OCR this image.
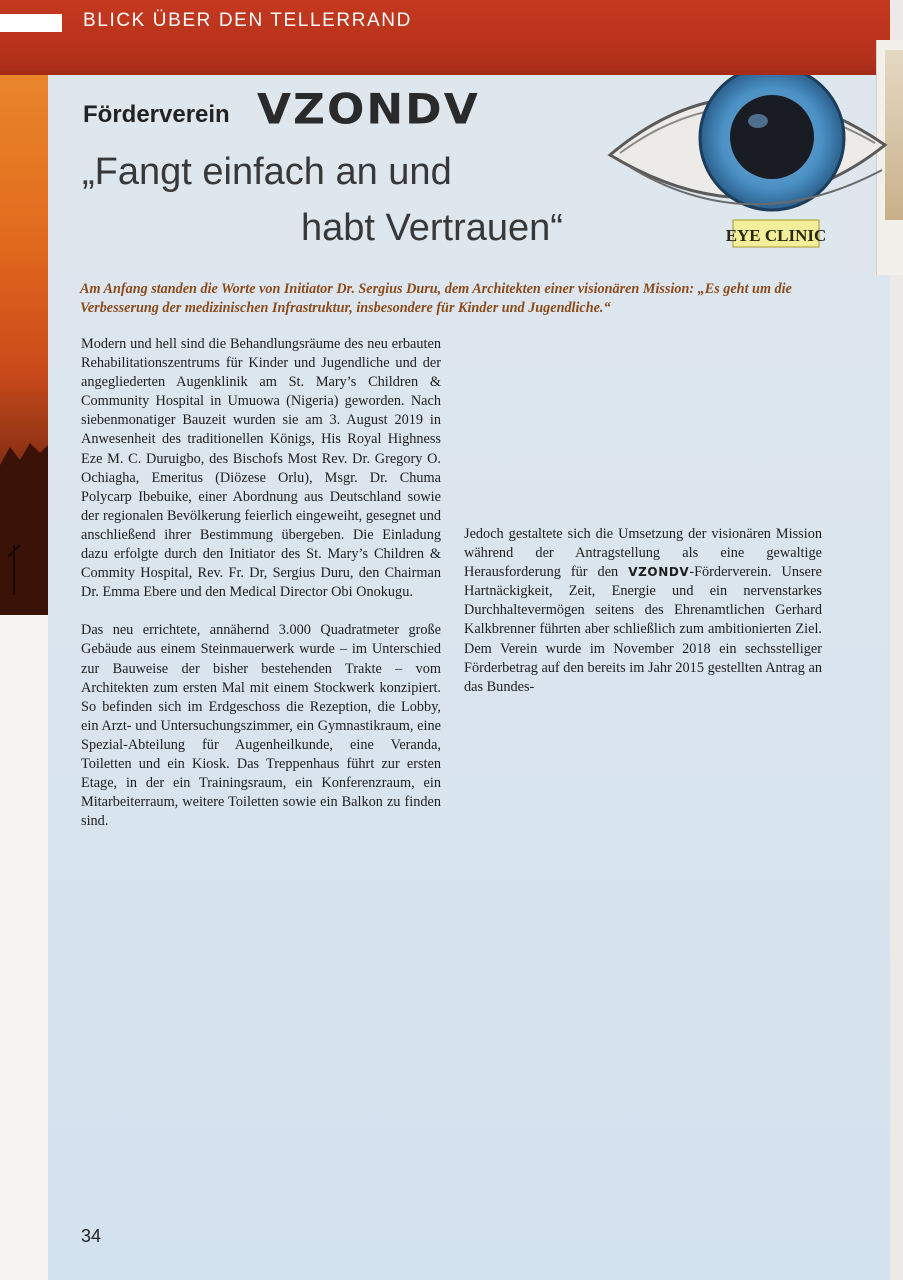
BLICK ÜBER DEN TELLERRAND
EYE CLINIC
Förderverein VZONDV
„Fangt einfach an und
habt Vertrauen“
Am Anfang standen die Worte von Initiator Dr. Sergius Duru, dem Architekten einer visionären Mission: „Es geht um die Verbesserung der medizinischen Infrastruktur, insbesondere für Kinder und Jugendliche.“

Modern und hell sind die Behandlungsräume des neu erbauten Rehabilitationszentrums für Kinder und Jugendliche und der angegliederten Augenklinik am St. Mary’s Children & Community Hospital in Umuowa (Nigeria) geworden. Nach siebenmonatiger Bauzeit wurden sie am 3. August 2019 in Anwesenheit des traditionellen Königs, His Royal Highness Eze M. C. Duruigbo, des Bischofs Most Rev. Dr. Gregory O. Ochiagha, Emeritus (Diözese Orlu), Msgr. Dr. Chuma Polycarp Ibebuike, einer Abordnung aus Deutschland sowie der regionalen Bevölkerung feierlich eingeweiht, gesegnet und anschließend ihrer Bestimmung übergeben. Die Einladung dazu erfolgte durch den Initiator des St. Mary’s Children & Commity Hospital, Rev. Fr. Dr, Sergius Duru, den Chairman Dr. Emma Ebere und den Medical Director Obi Onokugu.

Das neu errichtete, annähernd 3.000 Quadratmeter große Gebäude aus einem Steinmauerwerk wurde – im Unterschied zur Bauweise der bisher bestehenden Trakte – vom Architekten zum ersten Mal mit einem Stockwerk konzipiert. So befinden sich im Erdgeschoss die Rezeption, die Lobby, ein Arzt- und Untersuchungszimmer, ein Gymnastikraum, eine Spezial-Abteilung für Augenheilkunde, eine Veranda, Toiletten und ein Kiosk. Das Treppenhaus führt zur ersten Etage, in der ein Trainingsraum, ein Konferenzraum, ein Mitarbeiterraum, weitere Toiletten sowie ein Balkon zu finden sind.

Jedoch gestaltete sich die Umsetzung der visionären Mission während der Antragstellung als eine gewaltige Herausforderung für den VZONDV-Förderverein. Unsere Hartnäckigkeit, Zeit, Energie und ein nervenstarkes Durchhaltevermögen seitens des Ehrenamtlichen Gerhard Kalkbrenner führten aber schließlich zum ambitionierten Ziel. Dem Verein wurde im November 2018 ein sechsstelliger Förderbetrag auf den bereits im Jahr 2015 gestellten Antrag an das Bundes-

34
